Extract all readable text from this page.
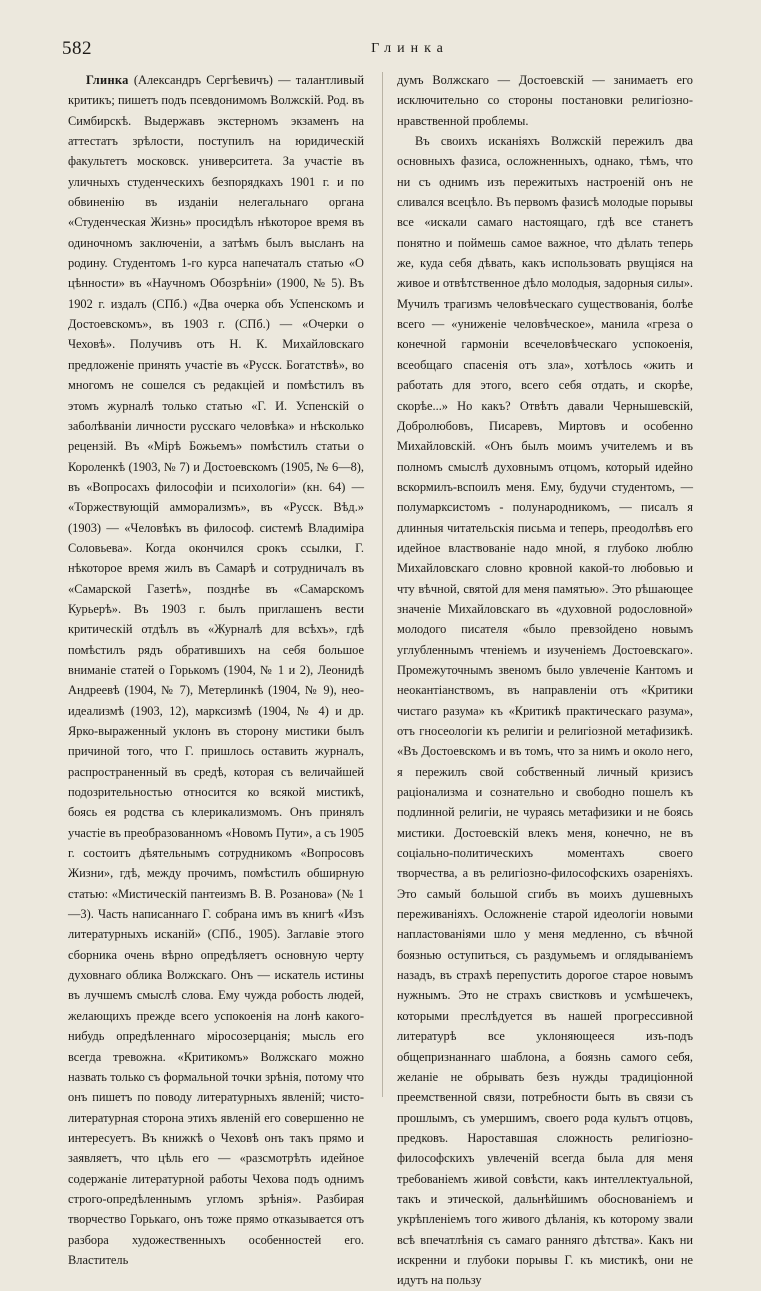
582	Глинка

Глинка (Александръ Сергѣевичъ) — талантливый критикъ; пишетъ подъ псевдонимомъ Волжскій. Род. въ Симбирскѣ. Выдержавъ экстерномъ экзаменъ на аттестатъ зрѣлости, поступилъ на юридическій факультетъ московск. университета. За участіе въ уличныхъ студенческихъ безпорядкахъ 1901 г. и по обвиненію въ изданіи нелегальнаго органа «Студенческая Жизнь» просидѣлъ нѣкоторое время въ одиночномъ заключеніи, а затѣмъ былъ высланъ на родину. Студентомъ 1-го курса напечаталъ статью «О цѣнности» въ «Научномъ Обозрѣніи» (1900, № 5). Въ 1902 г. издалъ (СПб.) «Два очерка объ Успенскомъ и Достоевскомъ», въ 1903 г. (СПб.) — «Очерки о Чеховѣ». Получивъ отъ Н. К. Михайловскаго предложеніе принять участіе въ «Русск. Богатствѣ», во многомъ не сошелся съ редакціей и помѣстилъ въ этомъ журналѣ только статью «Г. И. Успенскій о заболѣваніи личности русскаго человѣка» и нѣсколько рецензій. Въ «Мірѣ Божьемъ» помѣстилъ статьи о Короленкѣ (1903, № 7) и Достоевскомъ (1905, № 6—8), въ «Вопросахъ философіи и психологіи» (кн. 64) — «Торжествующій амморализмъ», въ «Русск. Вѣд.» (1903) — «Человѣкъ въ философ. системѣ Владиміра Соловьева». Когда окончился срокъ ссылки, Г. нѣкоторое время жилъ въ Самарѣ и сотрудничалъ въ «Самарской Газетѣ», позднѣе въ «Самарскомъ Курьерѣ». Въ 1903 г. былъ приглашенъ вести критическій отдѣлъ въ «Журналѣ для всѣхъ», гдѣ помѣстилъ рядъ обратившихъ на себя большое вниманіе статей о Горькомъ (1904, № 1 и 2), Леонидѣ Андреевѣ (1904, № 7), Метерлинкѣ (1904, № 9), нео-идеализмѣ (1903, 12), марксизмѣ (1904, № 4) и др. Ярко-выраженный уклонъ въ сторону мистики былъ причиной того, что Г. пришлось оставить журналъ, распространенный въ средѣ, которая съ величайшей подозрительностью относится ко всякой мистикѣ, боясь ея родства съ клерикализмомъ. Онъ принялъ участіе въ преобразованномъ «Новомъ Пути», а съ 1905 г. состоитъ дѣятельнымъ сотрудникомъ «Вопросовъ Жизни», гдѣ, между прочимъ, помѣстилъ обширную статью: «Мистическій пантеизмъ В. В. Розанова» (№ 1—3). Часть написаннаго Г. собрана имъ въ книгѣ «Изъ литературныхъ исканій» (СПб., 1905). Заглавіе этого сборника очень вѣрно опредѣляетъ основную черту духовнаго облика Волжскаго. Онъ — искатель истины въ лучшемъ смыслѣ слова. Ему чужда робость людей, желающихъ прежде всего успокоенія на лонѣ какого-нибудь опредѣленнаго міросозерцанія; мысль его всегда тревожна. «Критикомъ» Волжскаго можно назвать только съ формальной точки зрѣнія, потому что онъ пишетъ по поводу литературныхъ явленій; чисто-литературная сторона этихъ явленій его совершенно не интересуетъ. Въ книжкѣ о Чеховѣ онъ такъ прямо и заявляетъ, что цѣль его — «разсмотрѣть идейное содержаніе литературной работы Чехова подъ однимъ строго-опредѣленнымъ угломъ зрѣнія». Разбирая творчество Горькаго, онъ тоже прямо отказывается отъ разбора художественныхъ особенностей его. Властитель

думъ Волжскаго — Достоевскій — занимаетъ его исключительно со стороны постановки религіозно-нравственной проблемы.

Въ своихъ исканіяхъ Волжскій пережилъ два основныхъ фазиса, осложненныхъ, однако, тѣмъ, что ни съ однимъ изъ пережитыхъ настроеній онъ не сливался всецѣло. Въ первомъ фазисѣ молодые порывы все «искали самаго настоящаго, гдѣ все станетъ понятно и поймешь самое важное, что дѣлать теперь же, куда себя дѣвать, какъ использовать рвущіяся на живое и отвѣтственное дѣло молодыя, задорныя силы». Мучилъ трагизмъ человѣческаго существованія, болѣе всего — «униженіе человѣческое», манила «греза о конечной гармоніи всечеловѣческаго успокоенія, всеобщаго спасенія отъ зла», хотѣлось «жить и работать для этого, всего себя отдать, и скорѣе, скорѣе...» Но какъ? Отвѣтъ давали Чернышевскій, Добролюбовъ, Писаревъ, Миртовъ и особенно Михайловскій. «Онъ былъ моимъ учителемъ и въ полномъ смыслѣ духовнымъ отцомъ, который идейно вскормилъ-вспоилъ меня. Ему, будучи студентомъ, — полумарксистомъ - полународникомъ, — писалъ я длинныя читательскія письма и теперь, преодолѣвъ его идейное властвованіе надо мной, я глубоко люблю Михайловскаго словно кровной какой-то любовью и чту вѣчной, святой для меня памятью». Это рѣшающее значеніе Михайловскаго въ «духовной родословной» молодого писателя «было превзойдено новымъ углубленнымъ чтеніемъ и изученіемъ Достоевскаго». Промежуточнымъ звеномъ было увлеченіе Кантомъ и неокантіанствомъ, въ направленіи отъ «Критики чистаго разума» къ «Критикѣ практическаго разума», отъ гносеологіи къ религіи и религіозной метафизикѣ. «Въ Достоевскомъ и въ томъ, что за нимъ и около него, я пережилъ свой собственный личный кризисъ раціонализма и сознательно и свободно пошелъ къ подлинной религіи, не чураясь метафизики и не боясь мистики. Достоевскій влекъ меня, конечно, не въ соціально-политическихъ моментахъ своего творчества, а въ религіозно-философскихъ озареніяхъ. Это самый большой сгибъ въ моихъ душевныхъ переживаніяхъ. Осложненіе старой идеологіи новыми напластованіями шло у меня медленно, съ вѣчной боязнью оступиться, съ раздумьемъ и оглядываніемъ назадъ, въ страхѣ перепустить дорогое старое новымъ нужнымъ. Это не страхъ свистковъ и усмѣшечекъ, которыми преслѣдуется въ нашей прогрессивной литературѣ все уклоняющееся изъ-подъ общепризнаннаго шаблона, а боязнь самого себя, желаніе не обрывать безъ нужды традиціонной преемственной связи, потребности быть въ связи съ прошлымъ, съ умершимъ, своего рода культъ отцовъ, предковъ. Нароставшая сложность религіозно-философскихъ увлеченій всегда была для меня требованіемъ живой совѣсти, какъ интеллектуальной, такъ и этической, дальнѣйшимъ обоснованіемъ и укрѣпленіемъ того живого дѣланія, къ которому звали всѣ впечатлѣнія съ самаго ранняго дѣтства». Какъ ни искренни и глубоки порывы Г. къ мистикѣ, они не идутъ на пользу
